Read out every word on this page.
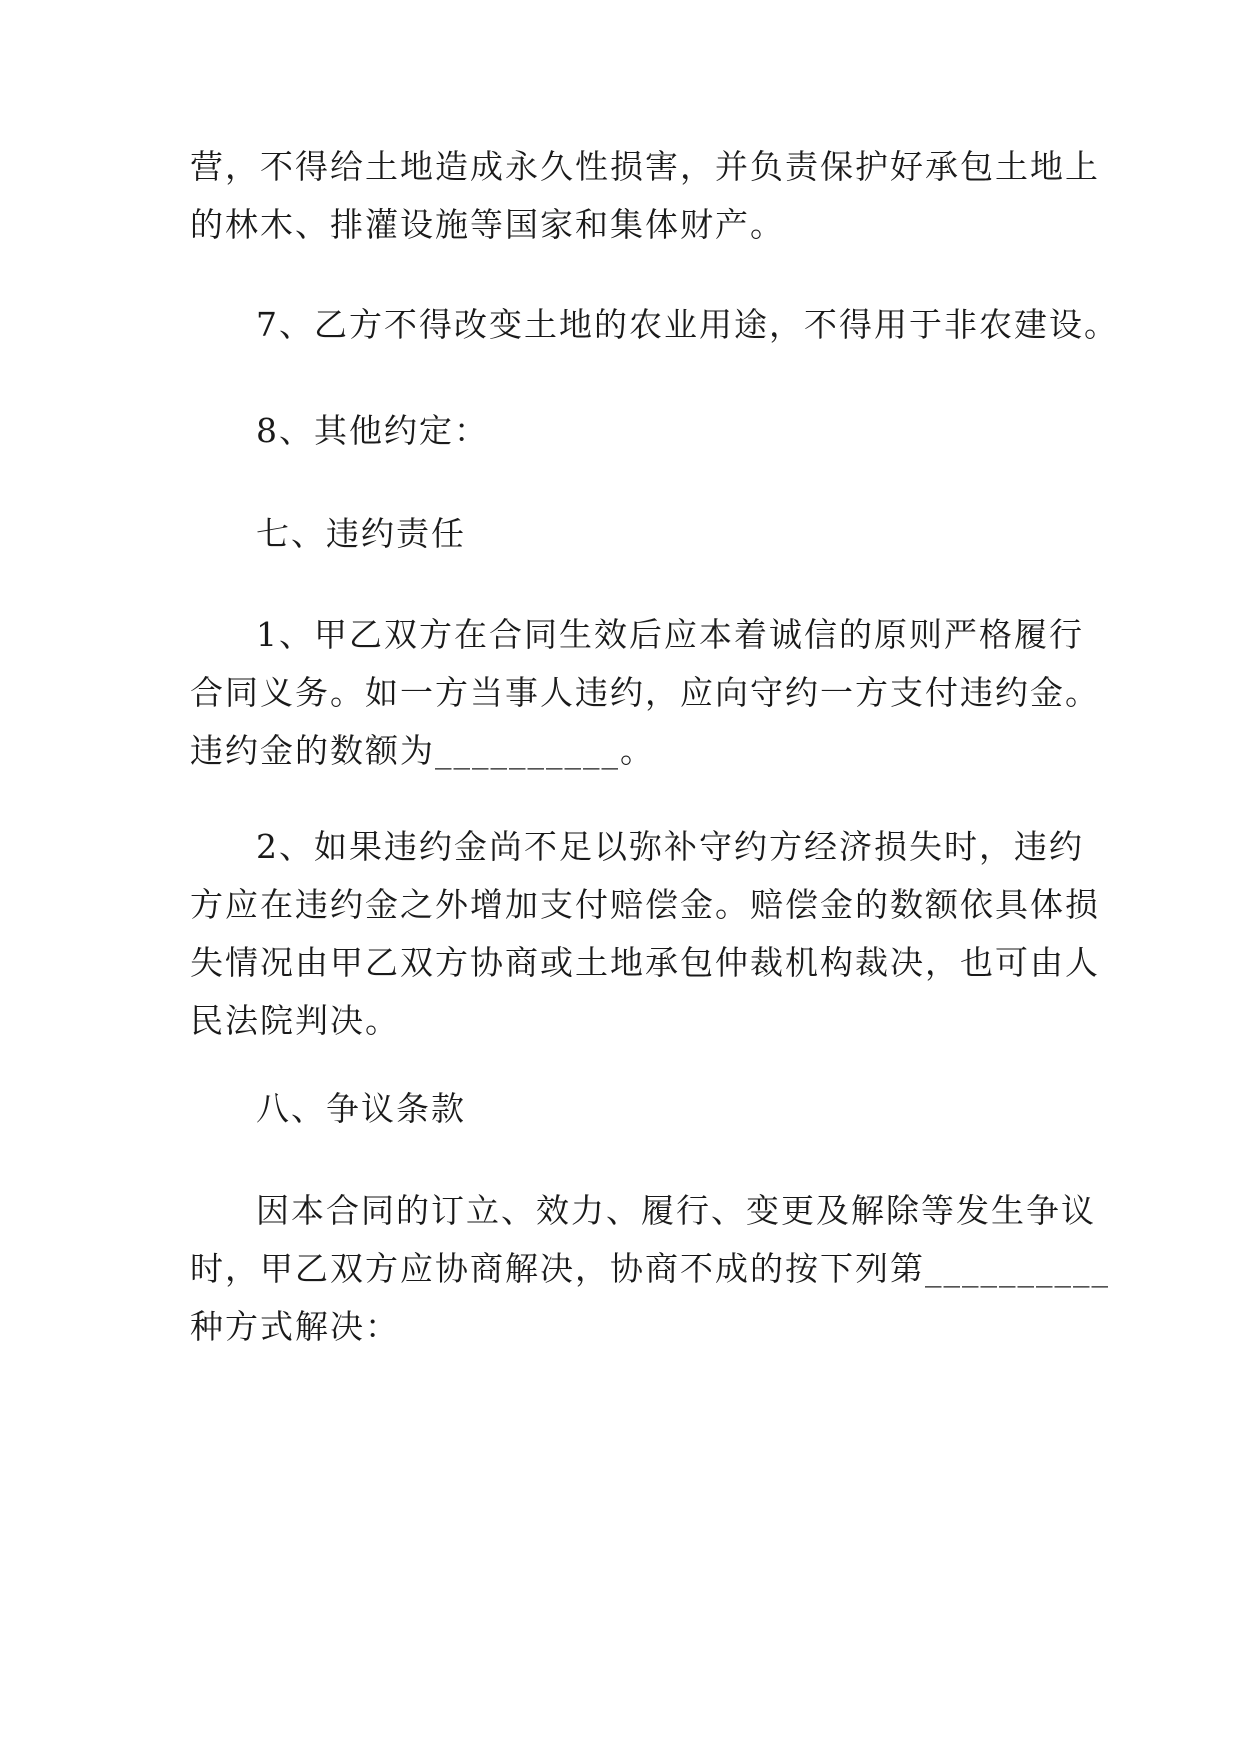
营，不得给土地造成永久性损害，并负责保护好承包土地上
的林木、排灌设施等国家和集体财产。
7、乙方不得改变土地的农业用途，不得用于非农建设。
8、其他约定：
七、违约责任
1、甲乙双方在合同生效后应本着诚信的原则严格履行
合同义务。如一方当事人违约，应向守约一方支付违约金。
违约金的数额为__________。
2、如果违约金尚不足以弥补守约方经济损失时，违约
方应在违约金之外增加支付赔偿金。赔偿金的数额依具体损
失情况由甲乙双方协商或土地承包仲裁机构裁决，也可由人
民法院判决。
八、争议条款
因本合同的订立、效力、履行、变更及解除等发生争议
时，甲乙双方应协商解决，协商不成的按下列第__________
种方式解决：
